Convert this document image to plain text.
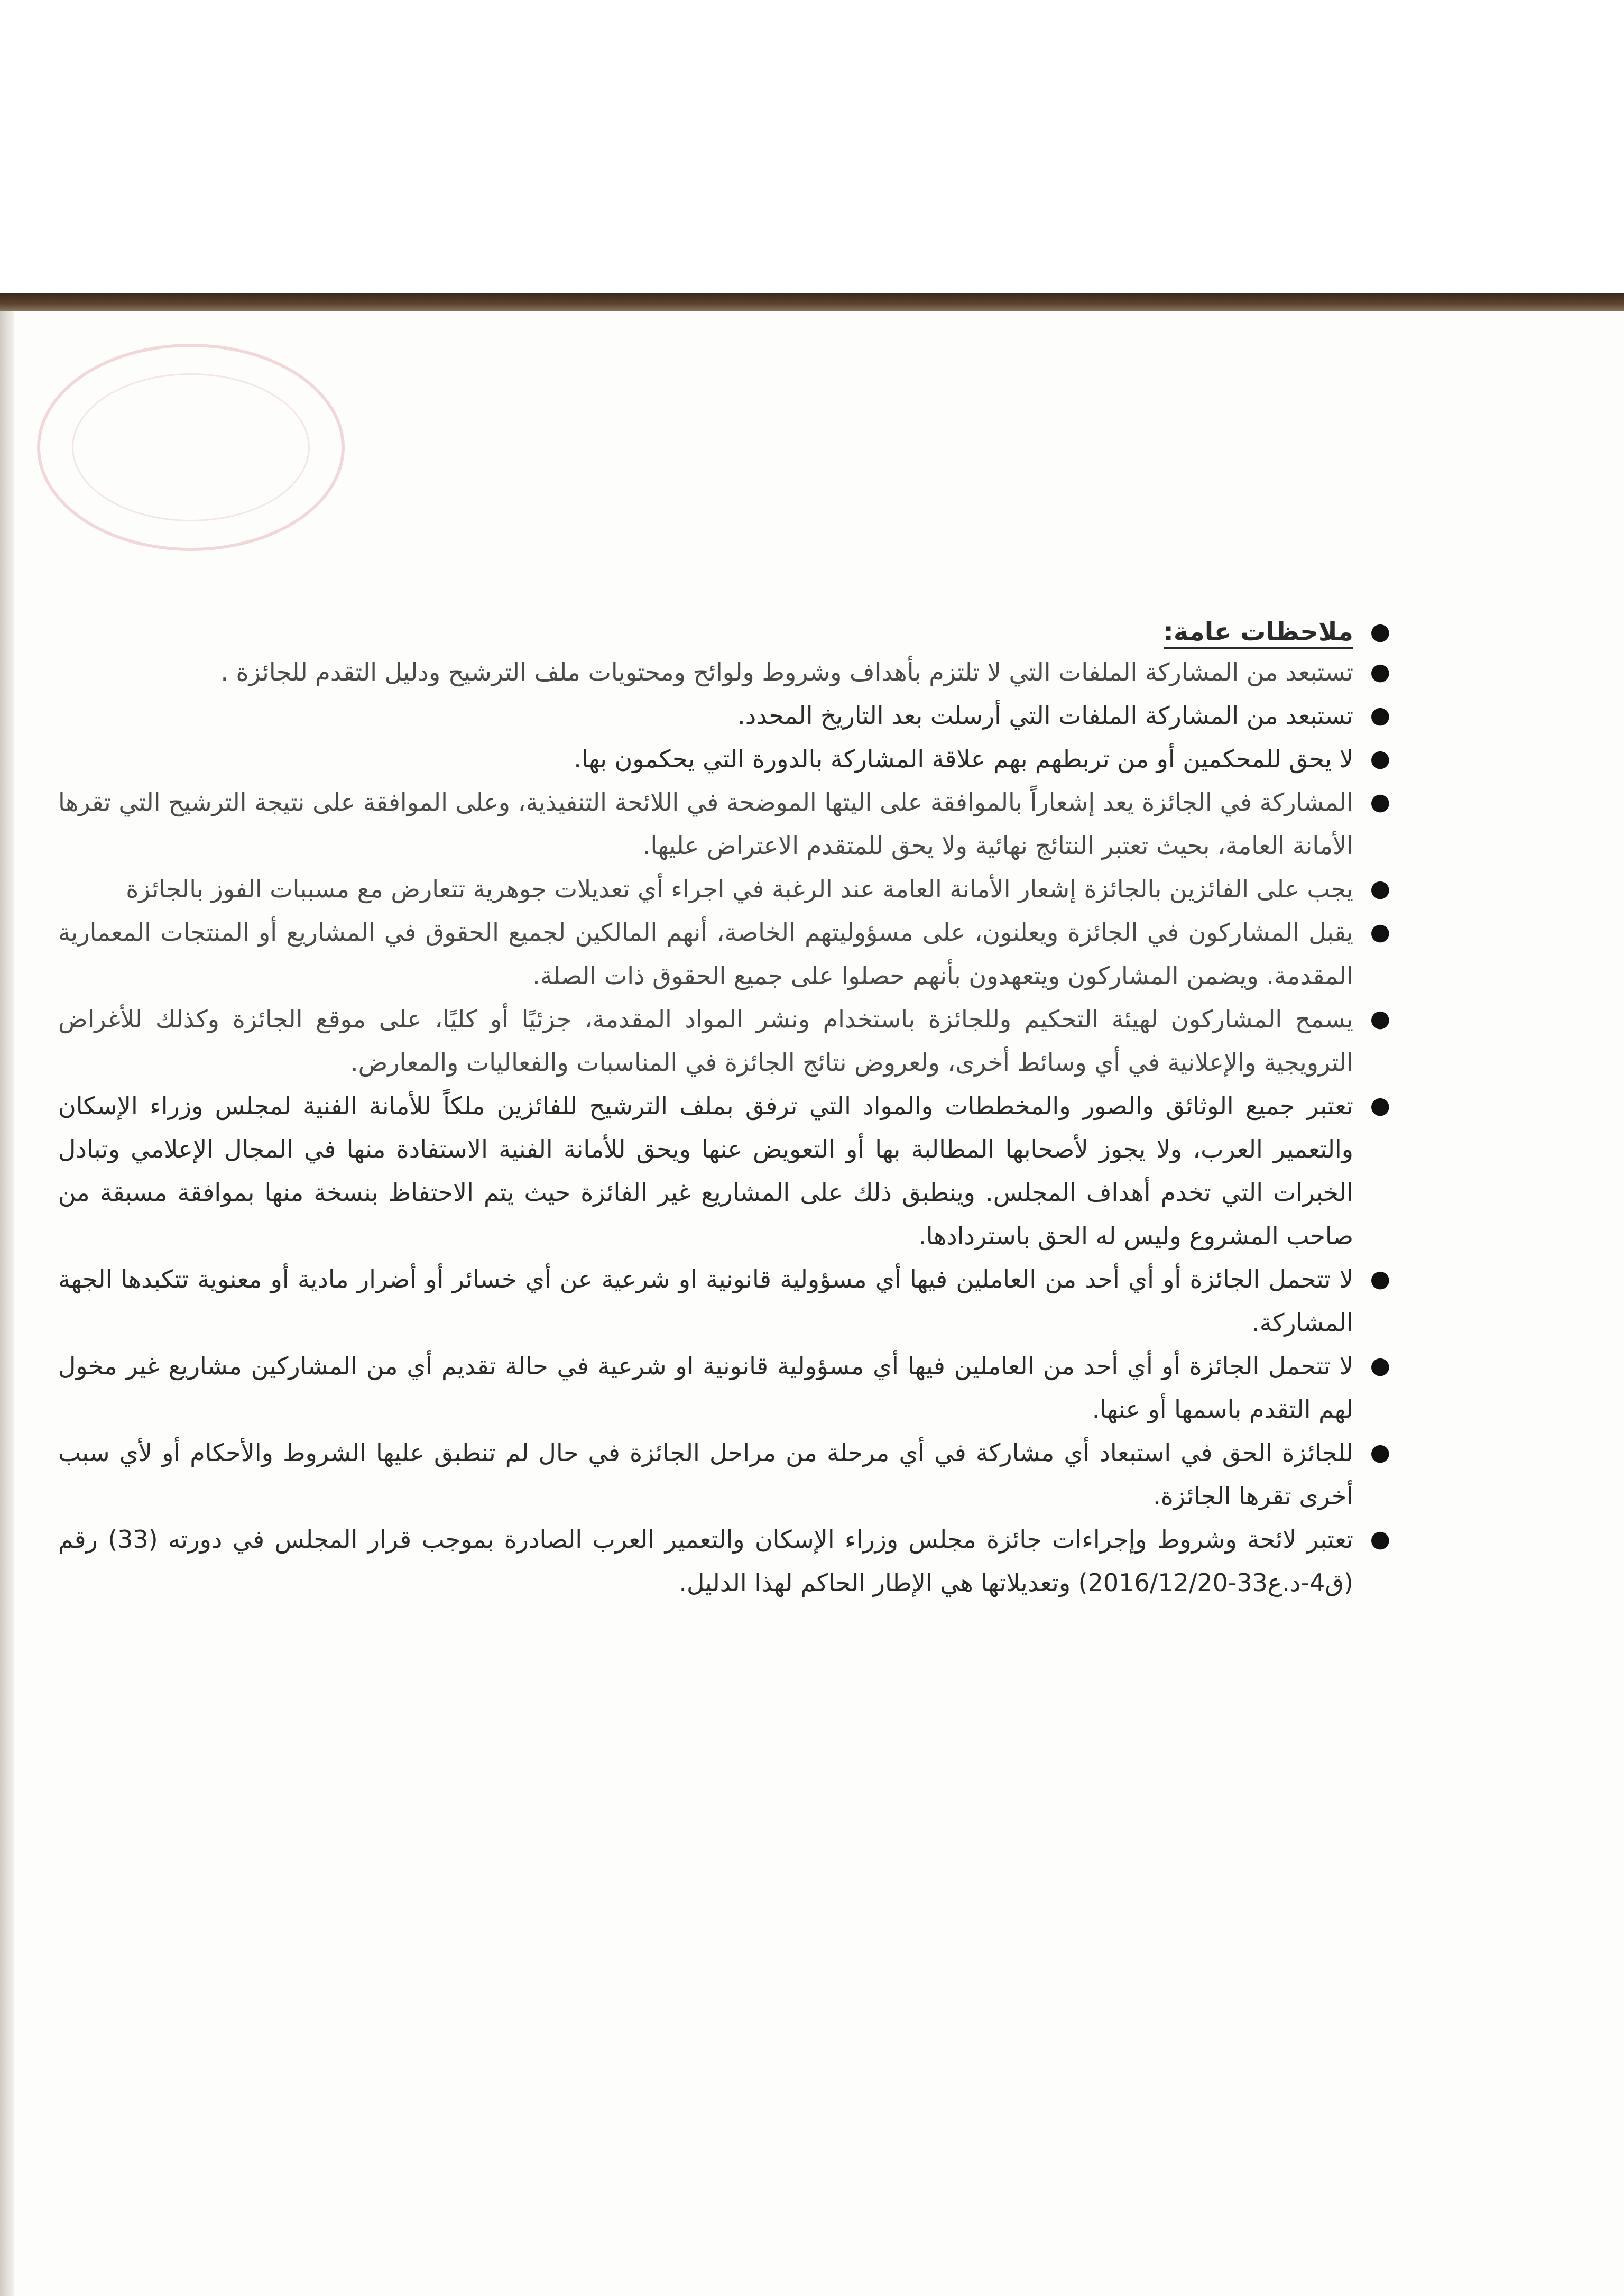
●
ملاحظات عامة:
●
تستبعد من المشاركة الملفات التي لا تلتزم بأهداف وشروط ولوائح ومحتويات ملف الترشيح ودليل التقدم للجائزة .
●
تستبعد من المشاركة الملفات التي أرسلت بعد التاريخ المحدد.
●
لا يحق للمحكمين أو من تربطهم بهم علاقة المشاركة بالدورة التي يحكمون بها.
●
المشاركة في الجائزة يعد إشعاراً بالموافقة على اليتها الموضحة في اللائحة التنفيذية، وعلى الموافقة على نتيجة الترشيح التي تقرها الأمانة العامة، بحيث تعتبر النتائج نهائية ولا يحق للمتقدم الاعتراض عليها.
●
يجب على الفائزين بالجائزة إشعار الأمانة العامة عند الرغبة في اجراء أي تعديلات جوهرية تتعارض مع مسببات الفوز بالجائزة
●
يقبل المشاركون في الجائزة ويعلنون، على مسؤوليتهم الخاصة، أنهم المالكين لجميع الحقوق في المشاريع أو المنتجات المعمارية المقدمة. ويضمن المشاركون ويتعهدون بأنهم حصلوا على جميع الحقوق ذات الصلة.
●
يسمح المشاركون لهيئة التحكيم وللجائزة باستخدام ونشر المواد المقدمة، جزئيًا أو كليًا، على موقع الجائزة وكذلك للأغراض الترويجية والإعلانية في أي وسائط أخرى، ولعروض نتائج الجائزة في المناسبات والفعاليات والمعارض.
●
تعتبر جميع الوثائق والصور والمخططات والمواد التي ترفق بملف الترشيح للفائزين ملكاً للأمانة الفنية لمجلس وزراء الإسكان والتعمير العرب، ولا يجوز لأصحابها المطالبة بها أو التعويض عنها ويحق للأمانة الفنية الاستفادة منها في المجال الإعلامي وتبادل الخبرات التي تخدم أهداف المجلس. وينطبق ذلك على المشاريع غير الفائزة حيث يتم الاحتفاظ بنسخة منها بموافقة مسبقة من صاحب المشروع وليس له الحق باستردادها.
●
لا تتحمل الجائزة أو أي أحد من العاملين فيها أي مسؤولية قانونية او شرعية عن أي خسائر أو أضرار مادية أو معنوية تتكبدها الجهة المشاركة.
●
لا تتحمل الجائزة أو أي أحد من العاملين فيها أي مسؤولية قانونية او شرعية في حالة تقديم أي من المشاركين مشاريع غير مخول لهم التقدم باسمها أو عنها.
●
للجائزة الحق في استبعاد أي مشاركة في أي مرحلة من مراحل الجائزة في حال لم تنطبق عليها الشروط والأحكام أو لأي سبب أخرى تقرها الجائزة.
●
تعتبر لائحة وشروط وإجراءات جائزة مجلس وزراء الإسكان والتعمير العرب الصادرة بموجب قرار المجلس في دورته (33) رقم (ق4-د.ع33-2016/12/20) وتعديلاتها هي الإطار الحاكم لهذا الدليل.
